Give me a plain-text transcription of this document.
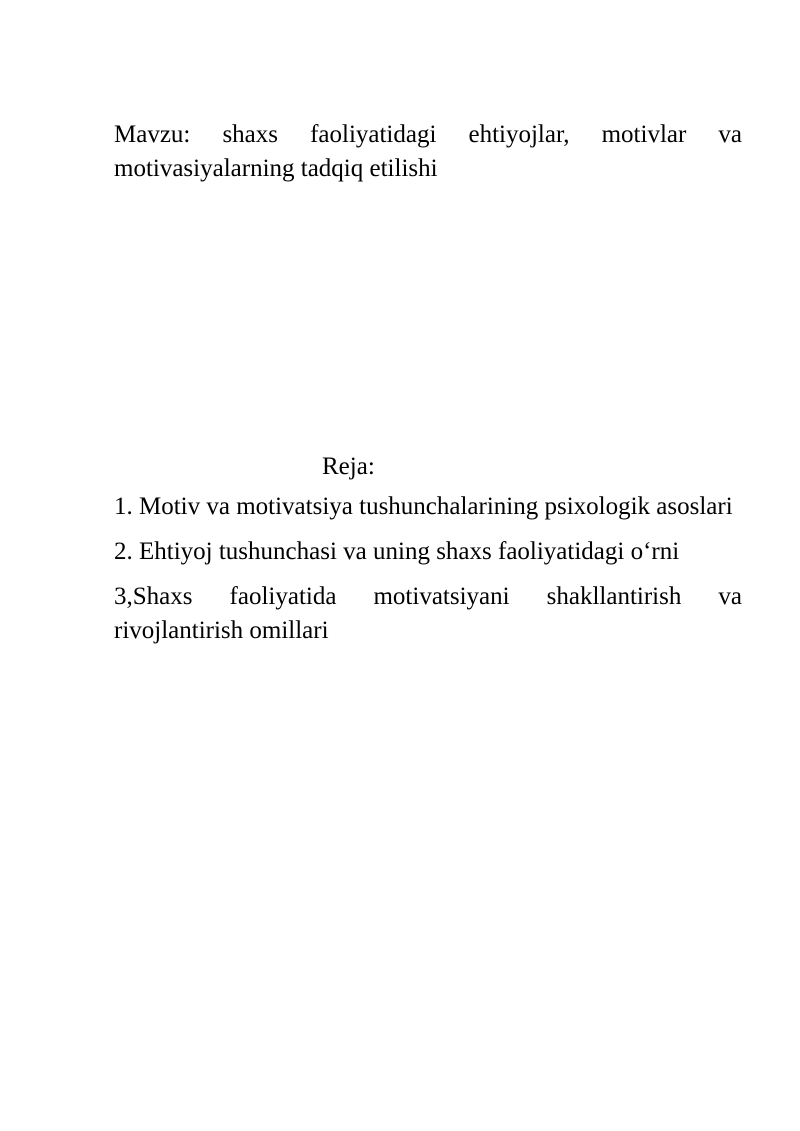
Mavzu: shaxs faoliyatidagi ehtiyojlar, motivlar va motivasiyalarning tadqiq etilishi

Reja:

1. Motiv va motivatsiya tushunchalarining psixologik asoslari
2. Ehtiyoj tushunchasi va uning shaxs faoliyatidagi o‘rni
3,Shaxs faoliyatida motivatsiyani shakllantirish va rivojlantirish omillari
